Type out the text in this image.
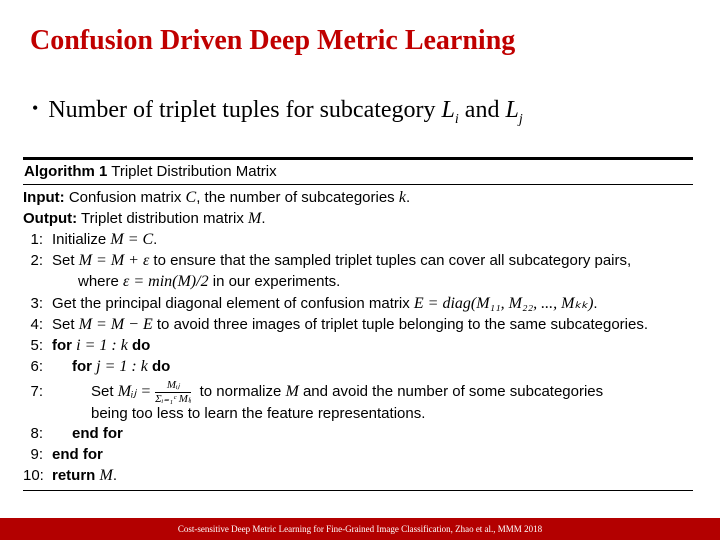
Confusion Driven Deep Metric Learning
• Number of triplet tuples for subcategory $L_i$ and $L_j$
Algorithm 1 Triplet Distribution Matrix
Input: Confusion matrix C, the number of subcategories k.
Output: Triplet distribution matrix M.
1: Initialize M = C.
2: Set M = M + ε to ensure that the sampled triplet tuples can cover all subcategory pairs,
where ε = min(M)/2 in our experiments.
3: Get the principal diagonal element of confusion matrix E = diag(M₁₁, M₂₂, ..., Mₖₖ).
4: Set M = M − E to avoid three images of triplet tuple belonging to the same subcategories.
5: for i = 1 : k do
6: for j = 1 : k do
7:	Set Mᵢⱼ = $\frac{\text{Mᵢⱼ}}{\text{Σᵢ₌₁ᶜ Mₗᵢ}}$ to normalize M and avoid the number of some subcategories
being too less to learn the feature representations.
8: end for
9: end for
10: return M.
Cost-sensitive Deep Metric Learning for Fine-Grained Image Classification, Zhao et al., MMM 2018
